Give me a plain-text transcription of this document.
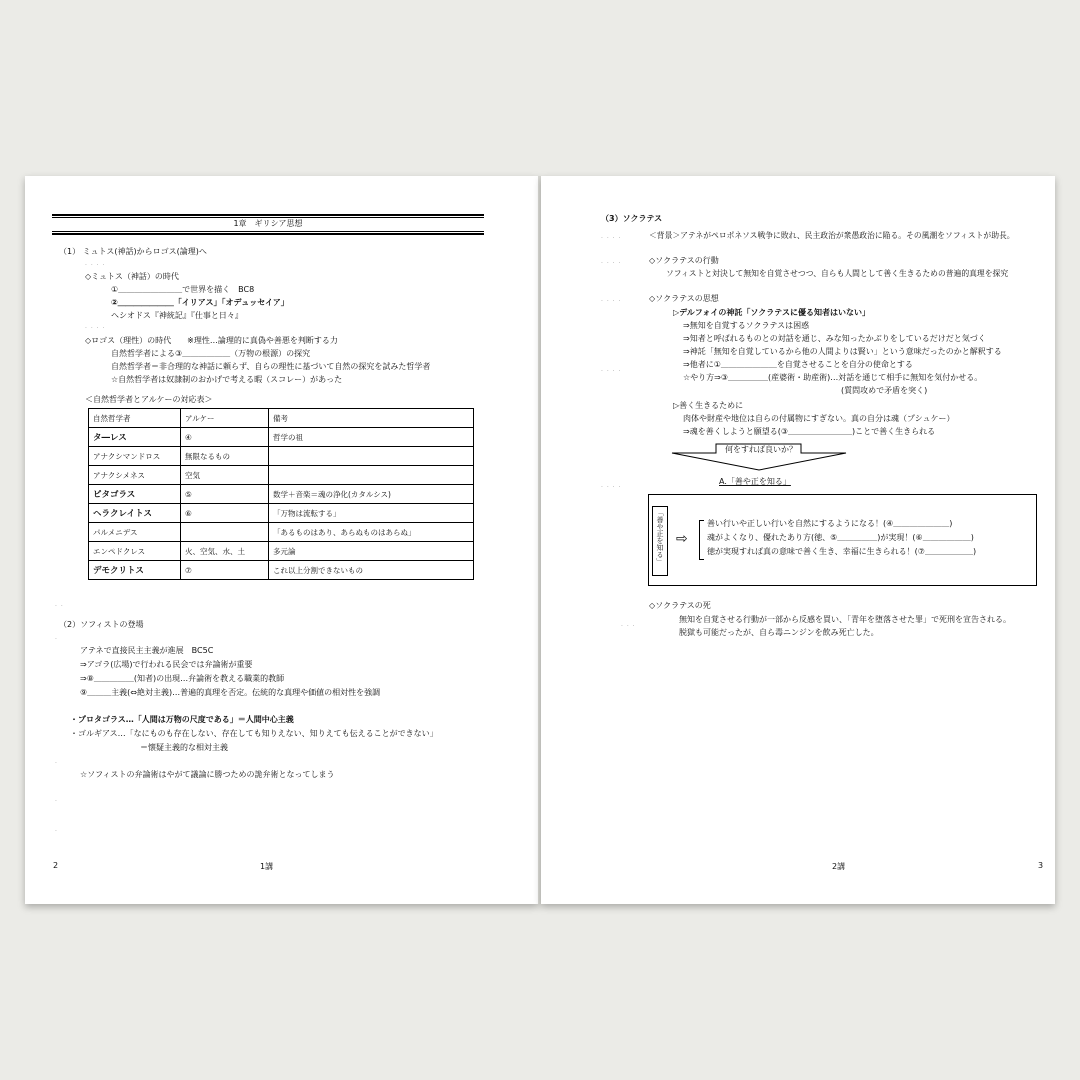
1章　ギリシア思想
（1） ミュトス(神話)からロゴス(論理)へ
. . . .
◇ミュトス（神話）の時代
①＿＿＿＿＿＿＿＿で世界を描く　BC8
②＿＿＿＿＿＿＿「イリアス」「オデュッセイア」
ヘシオドス『神統記』『仕事と日々』
. . . .
◇ロゴス（理性）の時代　　※理性…論理的に真偽や善悪を判断する力
自然哲学者による③＿＿＿＿＿＿（万物の根源）の探究
自然哲学者＝非合理的な神話に頼らず、自らの理性に基づいて自然の探究を試みた哲学者
☆自然哲学者は奴隷制のおかげで考える暇（スコレー）があった
＜自然哲学者とアルケーの対応表＞
自然哲学者	アルケー	備考
タ―レス	④	哲学の祖
アナクシマンドロス	無限なるもの	
アナクシメネス	空気	
ピタゴラス	⑤	数学＋音楽＝魂の浄化(カタルシス)
ヘラクレイトス	⑥	「万物は流転する」
パルメニデス		「あるものはあり、あらぬものはあらぬ」
エンペドクレス	火、空気、水、土	多元論
デモクリトス	⑦	これ以上分割できないもの
. .
（2）ソフィストの登場
.
アテネで直接民主主義が進展　BC5C
⇒アゴラ(広場)で行われる民会では弁論術が重要
⇒⑧＿＿＿＿＿(知者)の出現…弁論術を教える職業的教師
⑨＿＿＿主義(⇔絶対主義)…普遍的真理を否定。伝統的な真理や価値の相対性を強調
・プロタゴラス…「人間は万物の尺度である」＝人間中心主義
・ゴルギアス…「なにものも存在しない、存在しても知りえない、知りえても伝えることができない」
＝懐疑主義的な相対主義
.
☆ソフィストの弁論術はやがて議論に勝つための詭弁術となってしまう
.
.
2	1講
（3）ソクラテス
. . . .	＜背景＞アテネがペロポネソス戦争に敗れ、民主政治が衆愚政治に陥る。その風潮をソフィストが助長。
. . . .	◇ソクラテスの行動
ソフィストと対決して無知を自覚させつつ、自らも人間として善く生きるための普遍的真理を探究
. . . .	◇ソクラテスの思想
▷デルフォイの神託「ソクラテスに優る知者はいない」
⇒無知を自覚するソクラテスは困惑
⇒知者と呼ばれるものとの対話を通じ、みな知ったかぶりをしているだけだと気づく
⇒神託「無知を自覚しているから他の人間よりは賢い」という意味だったのかと解釈する
⇒他者に①＿＿＿＿＿＿＿を自覚させることを自分の使命とする
☆やり方⇒③＿＿＿＿＿(産婆術・助産術)…対話を通じて相手に無知を気付かせる。
(質問攻めで矛盾を突く)
. . . .
▷善く生きるために
肉体や財産や地位は自らの付属物にすぎない。真の自分は魂（プシュケー）
⇒魂を善くしようと願望る(③＿＿＿＿＿＿＿＿)ことで善く生きられる
何をすれば良いか？
A.「善や正を知る」
. . . .
「善や正を知る」 ⇨
善い行いや正しい行いを自然にするようになる！(④＿＿＿＿＿＿＿)
魂がよくなり、優れたあり方(徳、⑤＿＿＿＿＿)が実現！(⑥＿＿＿＿＿＿)
徳が実現すれば真の意味で善く生き、幸福に生きられる！(⑦＿＿＿＿＿＿)
◇ソクラテスの死
無知を自覚させる行動が一部から反感を買い、「青年を堕落させた罪」で死刑を宣告される。
脱獄も可能だったが、自ら毒ニンジンを飲み死亡した。
. . .
2講	3
